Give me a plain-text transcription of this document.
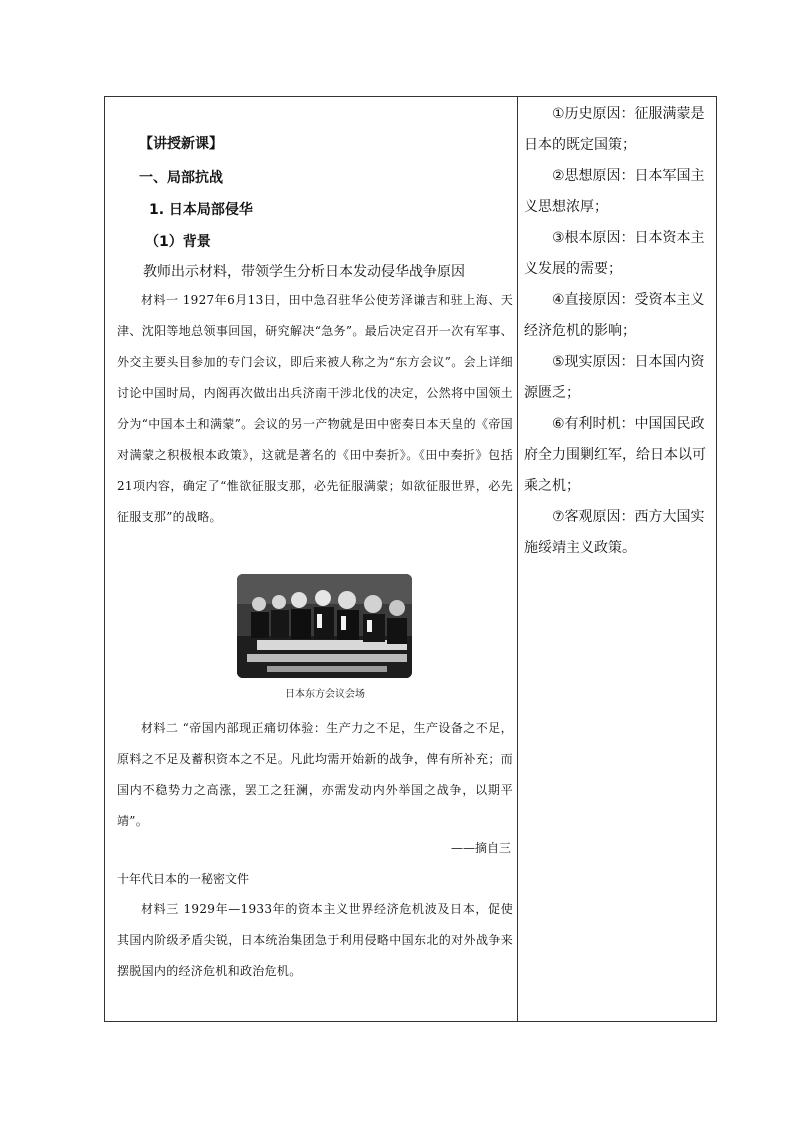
【讲授新课】
一、局部抗战
1. 日本局部侵华
（1）背景
教师出示材料，带领学生分析日本发动侵华战争原因
材料一 1927年6月13日，田中急召驻华公使芳泽谦吉和驻上海、天津、沈阳等地总领事回国，研究解决“急务”。最后决定召开一次有军事、外交主要头目参加的专门会议，即后来被人称之为“东方会议”。会上详细讨论中国时局，内阁再次做出出兵济南干涉北伐的决定，公然将中国领土分为“中国本土和满蒙”。会议的另一产物就是田中密奏日本天皇的《帝国对满蒙之积极根本政策》，这就是著名的《田中奏折》。《田中奏折》包括21项内容，确定了“惟欲征服支那，必先征服满蒙；如欲征服世界，必先征服支那”的战略。
日本东方会议会场
材料二 “帝国内部现正痛切体验：生产力之不足，生产设备之不足，原料之不足及蓄积资本之不足。凡此均需开始新的战争，俾有所补充；而国内不稳势力之高涨，罢工之狂澜，亦需发动内外举国之战争，以期平靖”。
——摘自三
十年代日本的一秘密文件
材料三 1929年—1933年的资本主义世界经济危机波及日本，促使其国内阶级矛盾尖锐，日本统治集团急于利用侵略中国东北的对外战争来摆脱国内的经济危机和政治危机。
①历史原因：征服满蒙是日本的既定国策；
②思想原因：日本军国主义思想浓厚；
③根本原因：日本资本主义发展的需要；
④直接原因：受资本主义经济危机的影响；
⑤现实原因：日本国内资源匮乏；
⑥有利时机：中国国民政府全力围剿红军，给日本以可乘之机；
⑦客观原因：西方大国实施绥靖主义政策。
